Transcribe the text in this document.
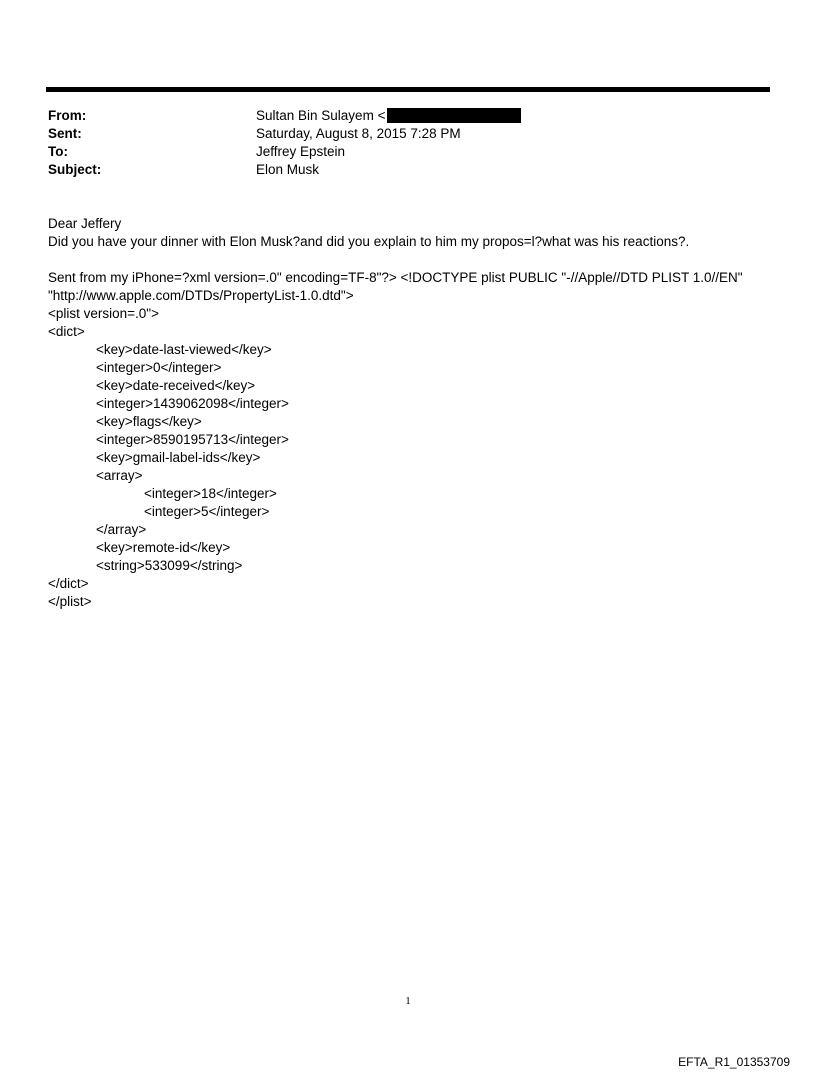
From:	Sultan Bin Sulayem <
Sent:	Saturday, August 8, 2015 7:28 PM
To:	Jeffrey Epstein
Subject:	Elon Musk
Dear Jeffery
Did you have your dinner with Elon Musk?and did you explain to him my propos=l?what was his reactions?.
Sent from my iPhone=?xml version=.0" encoding=TF-8"?> <!DOCTYPE plist PUBLIC "-//Apple//DTD PLIST 1.0//EN"
"http://www.apple.com/DTDs/PropertyList-1.0.dtd">
<plist version=.0">
<dict>
<key>date-last-viewed</key>
<integer>0</integer>
<key>date-received</key>
<integer>1439062098</integer>
<key>flags</key>
<integer>8590195713</integer>
<key>gmail-label-ids</key>
<array>
<integer>18</integer>
<integer>5</integer>
</array>
<key>remote-id</key>
<string>533099</string>
</dict>
</plist>
1
EFTA_R1_01353709
